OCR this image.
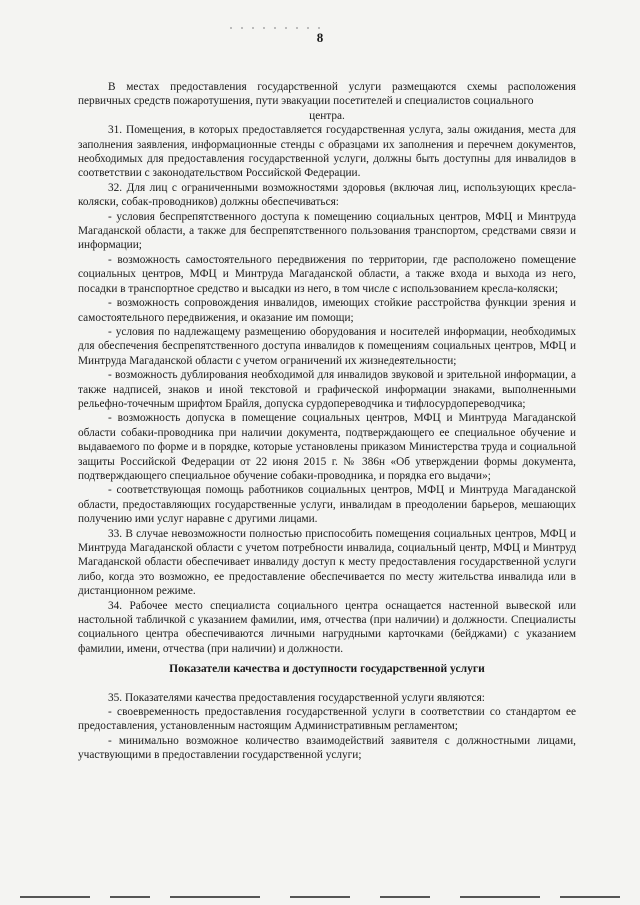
8

В местах предоставления государственной услуги размещаются схемы расположения первичных средств пожаротушения, пути эвакуации посетителей и специалистов социального

центра.

31. Помещения, в которых предоставляется государственная услуга, залы ожидания, места для заполнения заявления, информационные стенды с образцами их заполнения и перечнем документов, необходимых для предоставления государственной услуги, должны быть доступны для инвалидов в соответствии с законодательством Российской Федерации.

32. Для лиц с ограниченными возможностями здоровья (включая лиц, использующих кресла-коляски, собак-проводников) должны обеспечиваться:

- условия беспрепятственного доступа к помещению социальных центров, МФЦ и Минтруда Магаданской области, а также для беспрепятственного пользования транспортом, средствами связи и информации;

- возможность самостоятельного передвижения по территории, где расположено помещение социальных центров, МФЦ и Минтруда Магаданской области, а также входа и выхода из него, посадки в транспортное средство и высадки из него, в том числе с использованием кресла-коляски;

- возможность сопровождения инвалидов, имеющих стойкие расстройства функции зрения и самостоятельного передвижения, и оказание им помощи;

- условия по надлежащему размещению оборудования и носителей информации, необходимых для обеспечения беспрепятственного доступа инвалидов к помещениям социальных центров, МФЦ и Минтруда Магаданской области с учетом ограничений их жизнедеятельности;

- возможность дублирования необходимой для инвалидов звуковой и зрительной информации, а также надписей, знаков и иной текстовой и графической информации знаками, выполненными рельефно-точечным шрифтом Брайля, допуска сурдопереводчика и тифлосурдопереводчика;

- возможность допуска в помещение социальных центров, МФЦ и Минтруда Магаданской области собаки-проводника при наличии документа, подтверждающего ее специальное обучение и выдаваемого по форме и в порядке, которые установлены приказом Министерства труда и социальной защиты Российской Федерации от 22 июня 2015 г. № 386н «Об утверждении формы документа, подтверждающего специальное обучение собаки-проводника, и порядка его выдачи»;

- соответствующая помощь работников социальных центров, МФЦ и Минтруда Магаданской области, предоставляющих государственные услуги, инвалидам в преодолении барьеров, мешающих получению ими услуг наравне с другими лицами.

33. В случае невозможности полностью приспособить помещения социальных центров, МФЦ и Минтруда Магаданской области с учетом потребности инвалида, социальный центр, МФЦ и Минтруд Магаданской области обеспечивает инвалиду доступ к месту предоставления государственной услуги либо, когда это возможно, ее предоставление обеспечивается по месту жительства инвалида или в дистанционном режиме.

34. Рабочее место специалиста социального центра оснащается настенной вывеской или настольной табличкой с указанием фамилии, имя, отчества (при наличии) и должности. Специалисты социального центра обеспечиваются личными нагрудными карточками (бейджами) с указанием фамилии, имени, отчества (при наличии) и должности.

Показатели качества и доступности государственной услуги

35. Показателями качества предоставления государственной услуги являются:

- своевременность предоставления государственной услуги в соответствии со стандартом ее предоставления, установленным настоящим Административным регламентом;

- минимально возможное количество взаимодействий заявителя с должностными лицами, участвующими в предоставлении государственной услуги;
